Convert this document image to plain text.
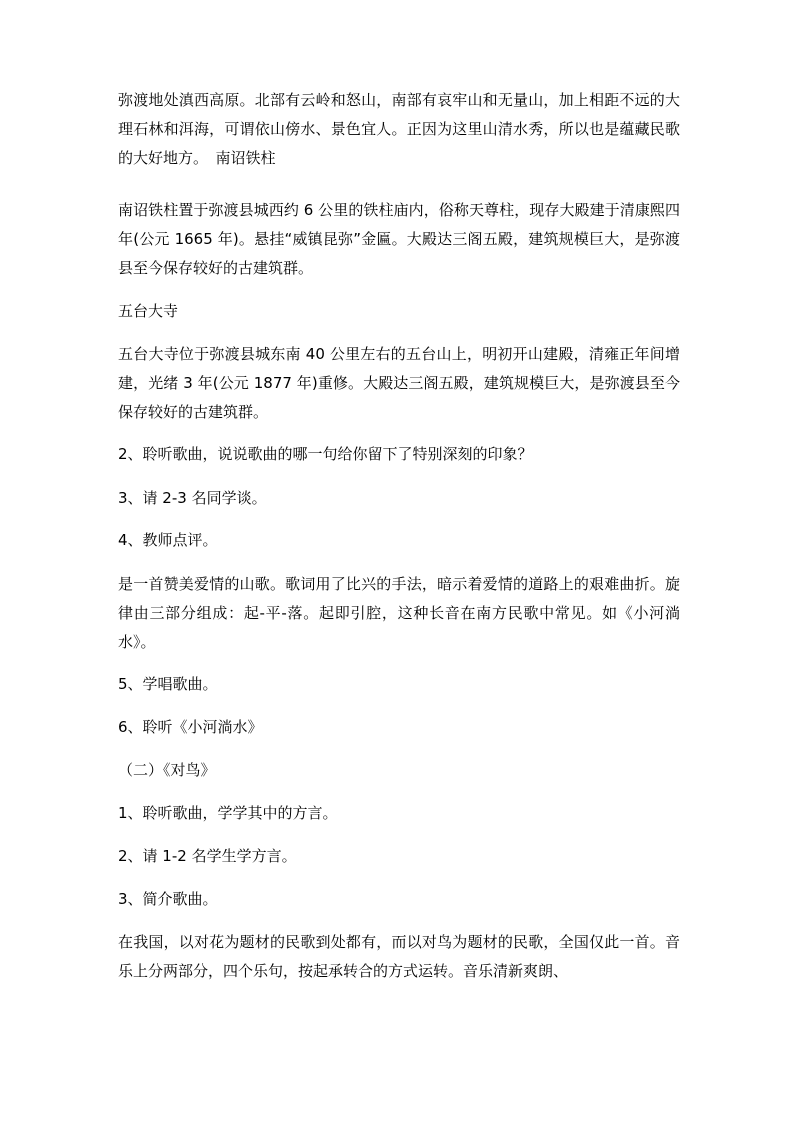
弥渡地处滇西高原。北部有云岭和怒山，南部有哀牢山和无量山，加上相距不远的大理石林和洱海，可谓依山傍水、景色宜人。正因为这里山清水秀，所以也是蕴藏民歌的大好地方。　南诏铁柱

南诏铁柱置于弥渡县城西约 6 公里的铁柱庙内，俗称天尊柱，现存大殿建于清康熙四年(公元 1665 年)。悬挂“威镇昆弥”金匾。大殿达三阁五殿，建筑规模巨大，是弥渡县至今保存较好的古建筑群。

五台大寺

五台大寺位于弥渡县城东南 40 公里左右的五台山上，明初开山建殿，清雍正年间增建，光绪 3 年(公元 1877 年)重修。大殿达三阁五殿，建筑规模巨大，是弥渡县至今保存较好的古建筑群。

2、聆听歌曲，说说歌曲的哪一句给你留下了特别深刻的印象？

3、请 2-3 名同学谈。

4、教师点评。

是一首赞美爱情的山歌。歌词用了比兴的手法，暗示着爱情的道路上的艰难曲折。旋律由三部分组成：起-平-落。起即引腔，这种长音在南方民歌中常见。如《小河淌水》。

5、学唱歌曲。

6、聆听《小河淌水》

（二）《对鸟》

1、聆听歌曲，学学其中的方言。

2、请 1-2 名学生学方言。

3、简介歌曲。

在我国，以对花为题材的民歌到处都有，而以对鸟为题材的民歌，全国仅此一首。音乐上分两部分，四个乐句，按起承转合的方式运转。音乐清新爽朗、
